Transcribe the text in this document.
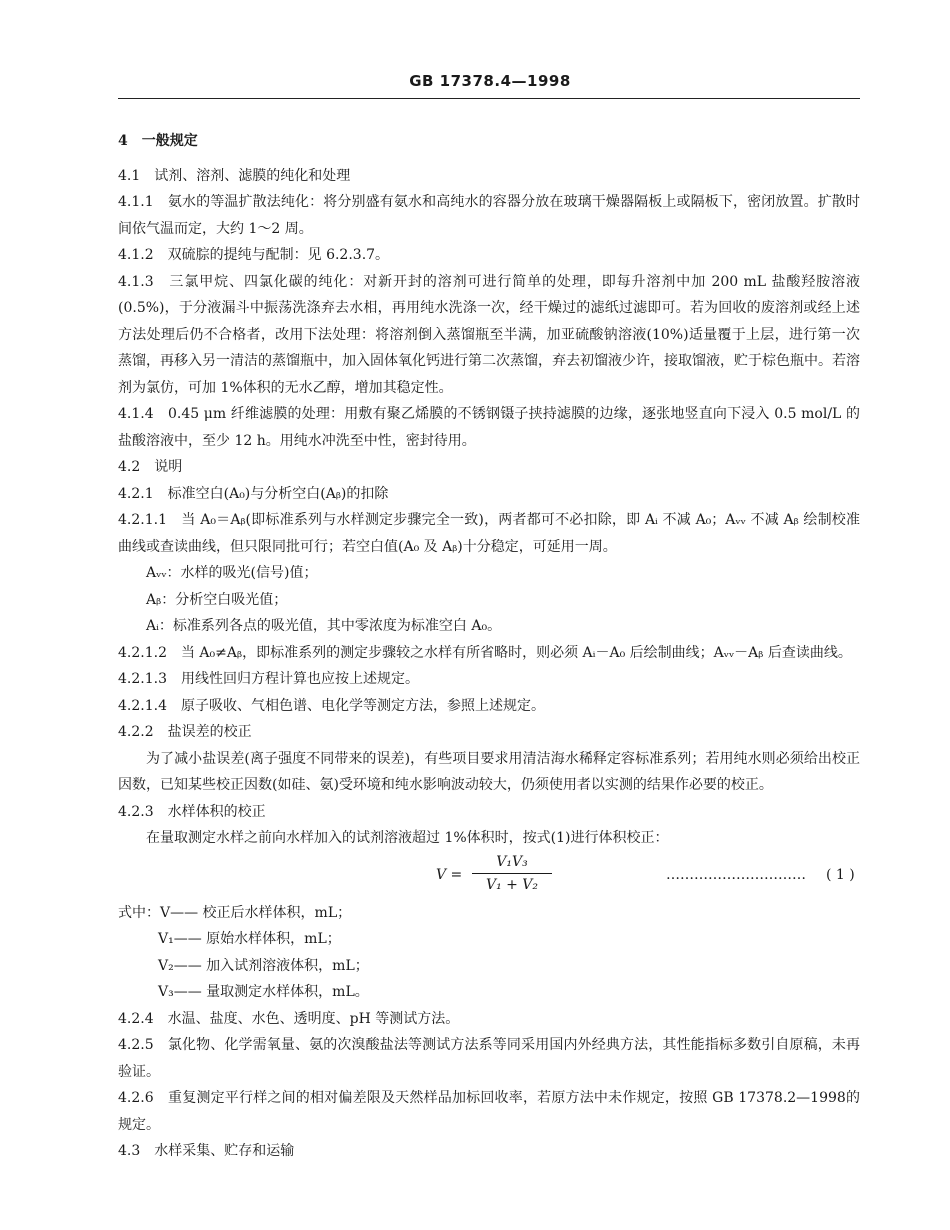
GB 17378.4—1998

4　一般规定

4.1　试剂、溶剂、滤膜的纯化和处理

4.1.1　氨水的等温扩散法纯化：将分别盛有氨水和高纯水的容器分放在玻璃干燥器隔板上或隔板下，密闭放置。扩散时间依气温而定，大约 1～2 周。

4.1.2　双硫腙的提纯与配制：见 6.2.3.7。

4.1.3　三氯甲烷、四氯化碳的纯化：对新开封的溶剂可进行简单的处理，即每升溶剂中加 200 mL 盐酸羟胺溶液(0.5%)，于分液漏斗中振荡洗涤弃去水相，再用纯水洗涤一次，经干燥过的滤纸过滤即可。若为回收的废溶剂或经上述方法处理后仍不合格者，改用下法处理：将溶剂倒入蒸馏瓶至半满，加亚硫酸钠溶液(10%)适量覆于上层，进行第一次蒸馏，再移入另一清洁的蒸馏瓶中，加入固体氧化钙进行第二次蒸馏，弃去初馏液少许，接取馏液，贮于棕色瓶中。若溶剂为氯仿，可加 1%体积的无水乙醇，增加其稳定性。

4.1.4　0.45 μm 纤维滤膜的处理：用敷有聚乙烯膜的不锈钢镊子挟持滤膜的边缘，逐张地竖直向下浸入 0.5 mol/L 的盐酸溶液中，至少 12 h。用纯水冲洗至中性，密封待用。

4.2　说明

4.2.1　标准空白(A₀)与分析空白(Aᵦ)的扣除

4.2.1.1　当 A₀＝Aᵦ(即标准系列与水样测定步骤完全一致)，两者都可不必扣除，即 Aᵢ 不减 A₀；Aᵥᵥ 不减 Aᵦ 绘制校准曲线或查读曲线，但只限同批可行；若空白值(A₀ 及 Aᵦ)十分稳定，可延用一周。

Aᵥᵥ：水样的吸光(信号)值；

Aᵦ：分析空白吸光值；

Aᵢ：标准系列各点的吸光值，其中零浓度为标准空白 A₀。

4.2.1.2　当 A₀≠Aᵦ，即标准系列的测定步骤较之水样有所省略时，则必须 Aᵢ－A₀ 后绘制曲线；Aᵥᵥ－Aᵦ 后查读曲线。

4.2.1.3　用线性回归方程计算也应按上述规定。

4.2.1.4　原子吸收、气相色谱、电化学等测定方法，参照上述规定。

4.2.2　盐误差的校正

为了减小盐误差(离子强度不同带来的误差)，有些项目要求用清洁海水稀释定容标准系列；若用纯水则必须给出校正因数，已知某些校正因数(如硅、氨)受环境和纯水影响波动较大，仍须使用者以实测的结果作必要的校正。

4.2.3　水样体积的校正

在量取测定水样之前向水样加入的试剂溶液超过 1%体积时，按式(1)进行体积校正：

$V = \frac{\text{V₁V₃}}{\text{V₁ + V₂}}$	………………………… ( 1 )

式中：V—— 校正后水样体积，mL；

V₁—— 原始水样体积，mL；

V₂—— 加入试剂溶液体积，mL；

V₃—— 量取测定水样体积，mL。

4.2.4　水温、盐度、水色、透明度、pH 等测试方法。

4.2.5　氯化物、化学需氧量、氨的次溴酸盐法等测试方法系等同采用国内外经典方法，其性能指标多数引自原稿，未再验证。

4.2.6　重复测定平行样之间的相对偏差限及天然样品加标回收率，若原方法中未作规定，按照 GB 17378.2—1998的规定。

4.3　水样采集、贮存和运输
